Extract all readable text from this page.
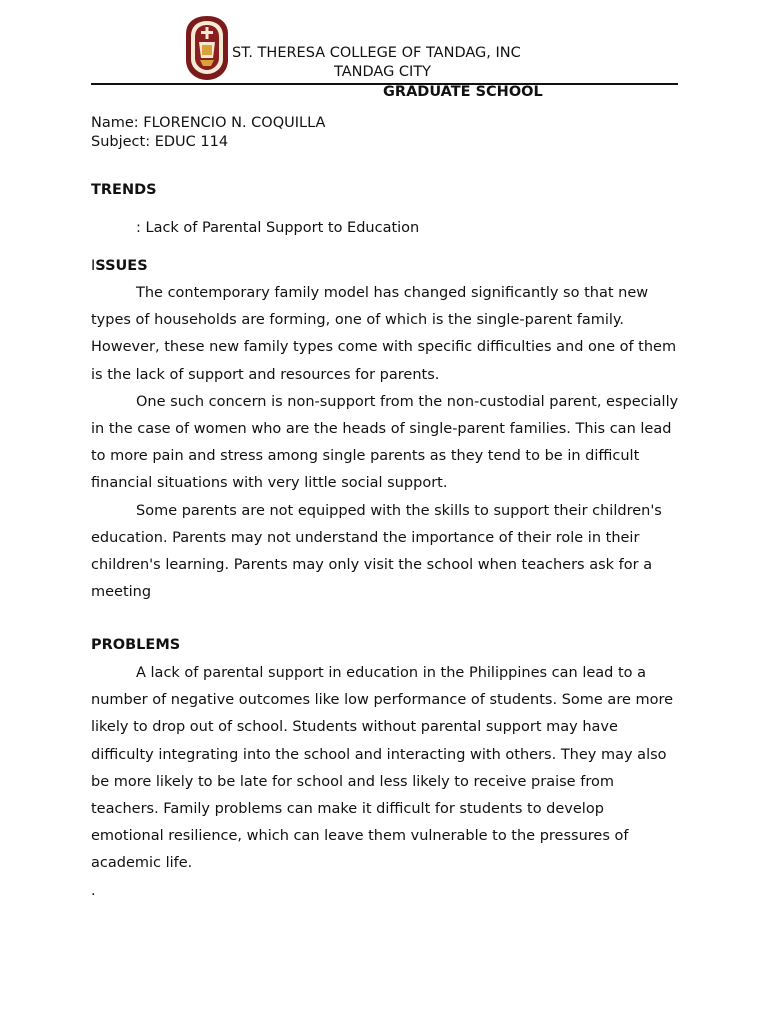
ST. THERESA COLLEGE OF TANDAG, INC
TANDAG CITY
GRADUATE SCHOOL
Name: FLORENCIO N. COQUILLA
Subject: EDUC 114
TRENDS
: Lack of Parental Support to Education
ISSUES

The contemporary family model has changed significantly so that new types of households are forming, one of which is the single-parent family. However, these new family types come with specific difficulties and one of them is the lack of support and resources for parents.

One such concern is non-support from the non-custodial parent, especially in the case of women who are the heads of single-parent families. This can lead to more pain and stress among single parents as they tend to be in difficult financial situations with very little social support.

Some parents are not equipped with the skills to support their children's education. Parents may not understand the importance of their role in their children's learning. Parents may only visit the school when teachers ask for a meeting

PROBLEMS

A lack of parental support in education in the Philippines can lead to a number of negative outcomes like low performance of students. Some are more likely to drop out of school. Students without parental support may have difficulty integrating into the school and interacting with others. They may also be more likely to be late for school and less likely to receive praise from teachers. Family problems can make it difficult for students to develop emotional resilience, which can leave them vulnerable to the pressures of academic life.

.
